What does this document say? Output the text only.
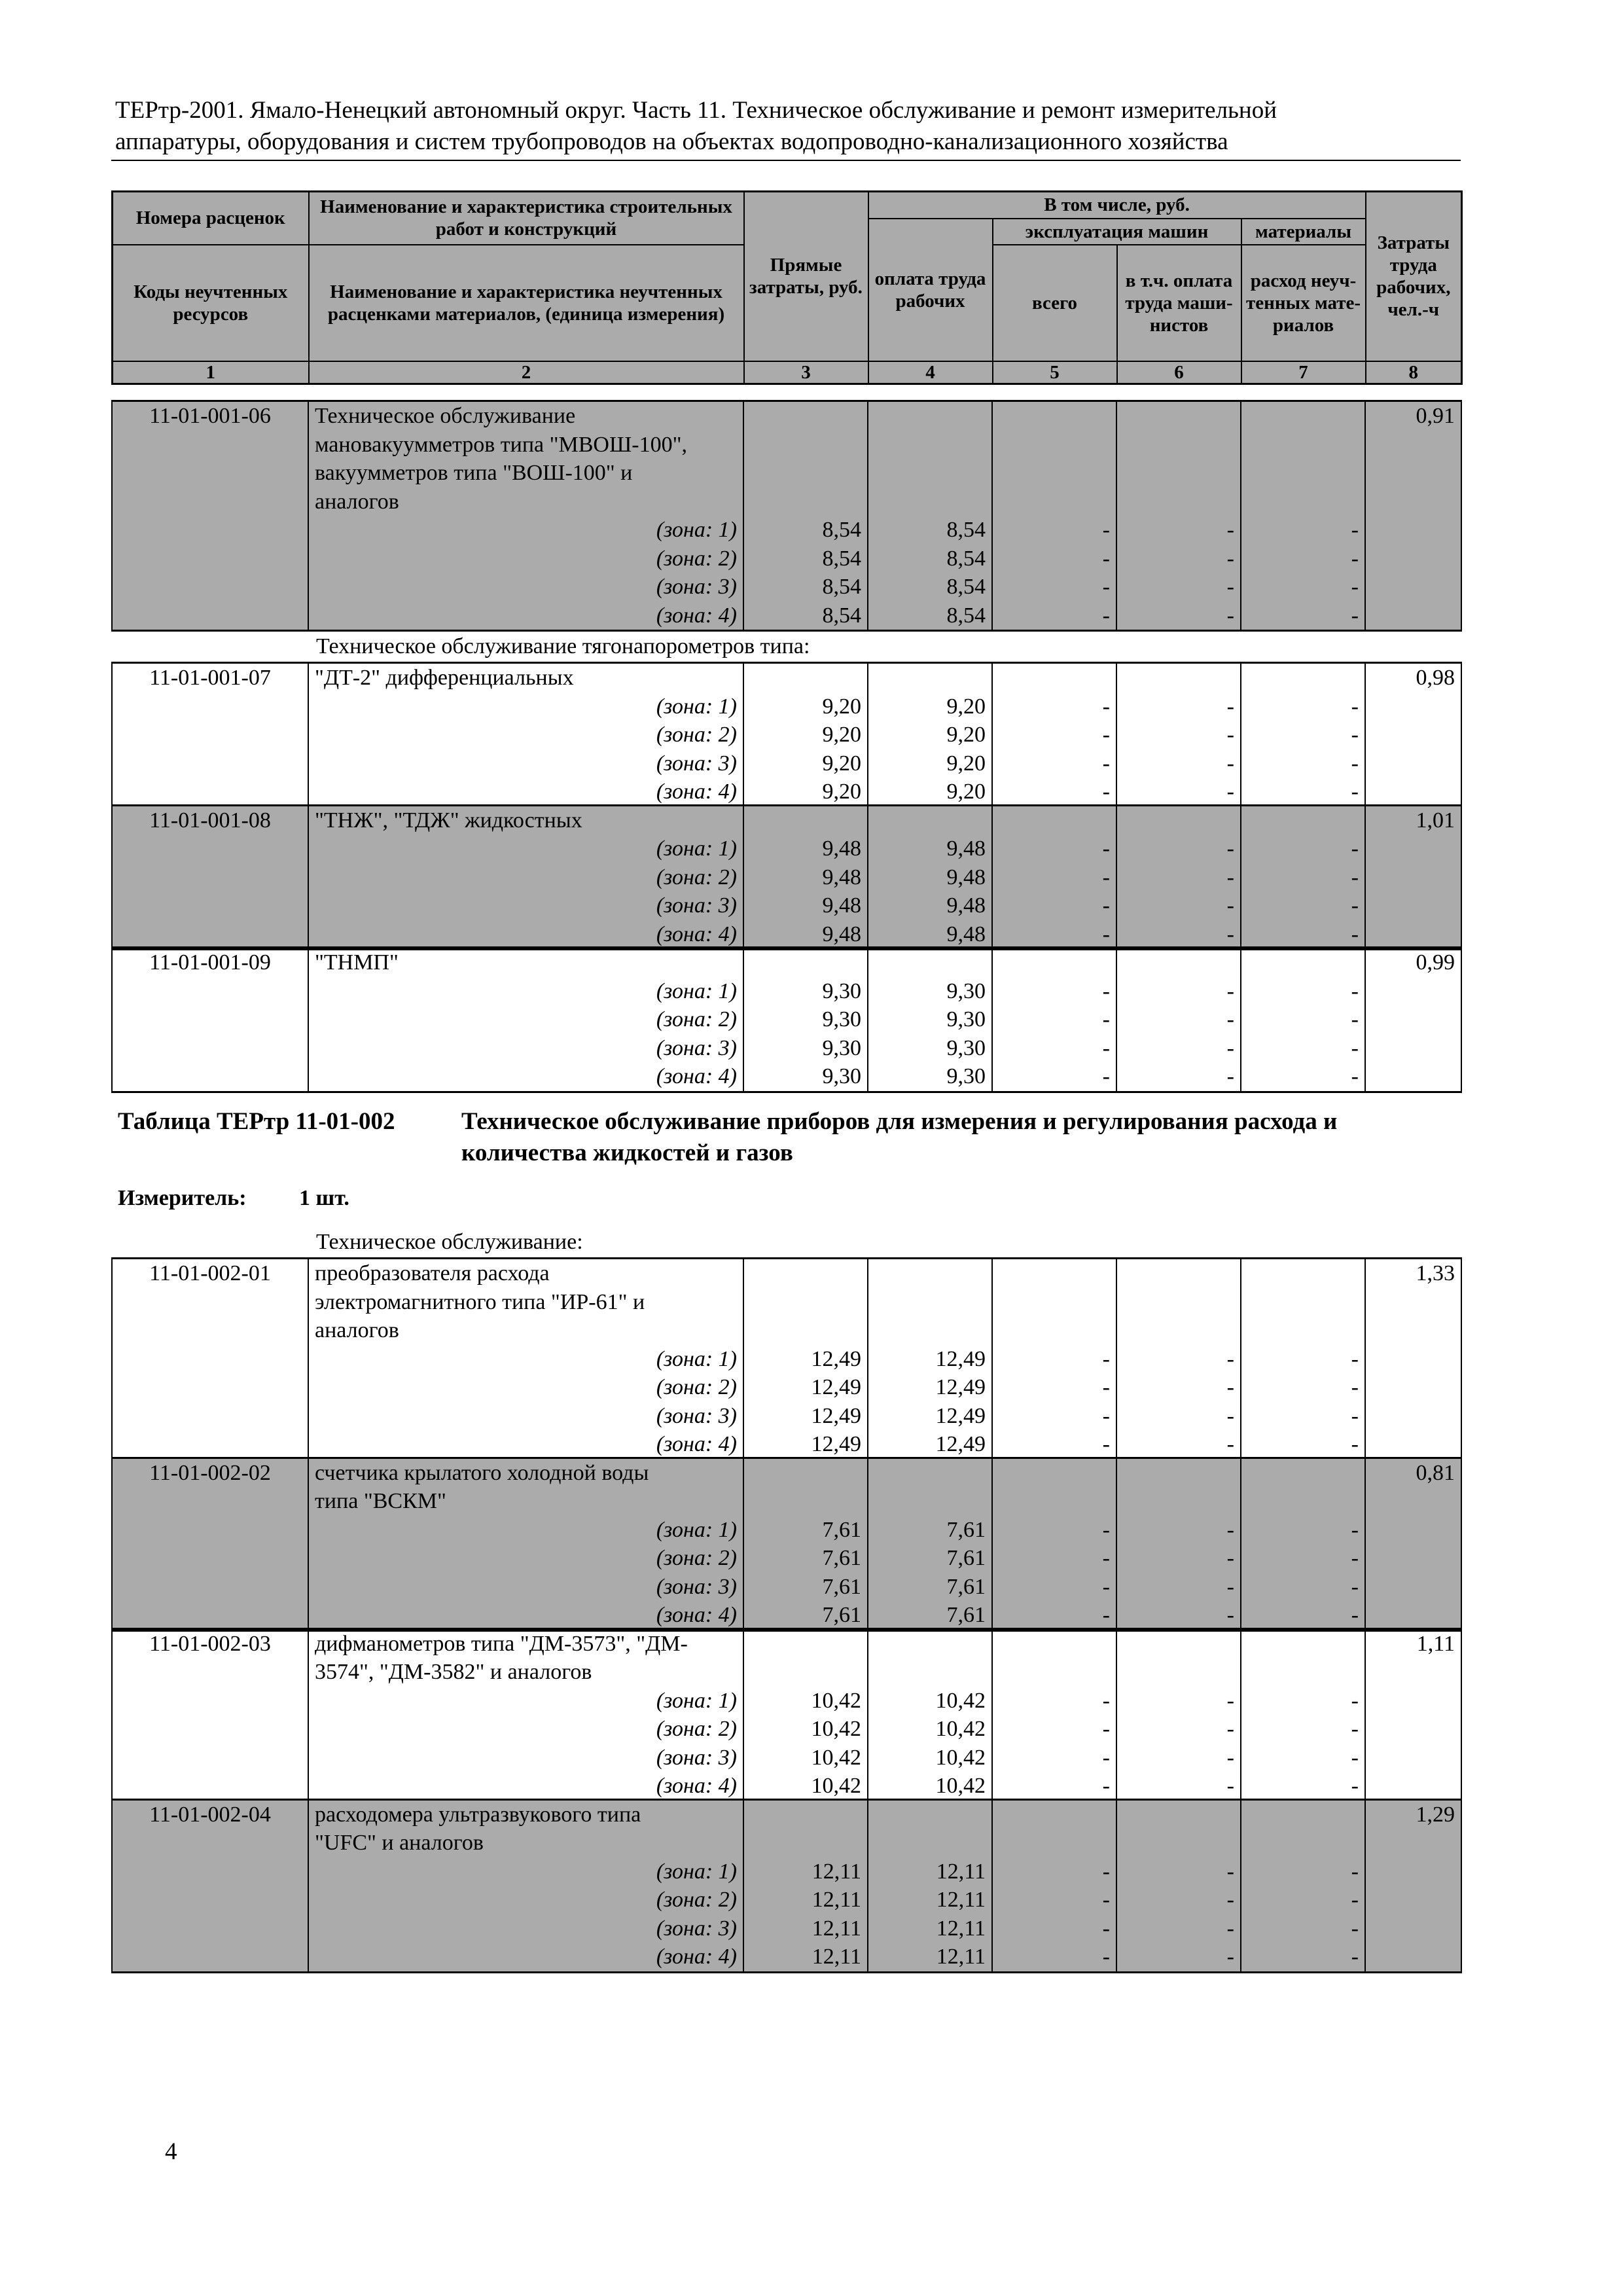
ТЕРтр-2001. Ямало-Ненецкий автономный округ. Часть 11. Техническое обслуживание и ремонт измерительной
аппаратуры, оборудования и систем трубопроводов на объектах водопроводно-канализационного хозяйства
Номера расценок	Наименование и характеристика строительных работ и конструкций	Прямые затраты, руб.	В том числе, руб.				Затраты труда рабочих, чел.-ч
			оплата труда рабочих	эксплуатация машин		материалы	
Коды неучтенных ресурсов	Наименование и характеристика неучтенных расценками материалов, (единица измерения)			всего	в т.ч. оплата труда маши-нистов	расход неуч-тенных мате-риалов	

1	2	3	4	5	6	7	8
11-01-001-06	Техническое обслуживание						0,91
	мановакуумметров типа "МВОШ-100",						
	вакуумметров типа "ВОШ-100" и						
	аналогов						
	(зона: 1)	8,54	8,54	-	-	-	
	(зона: 2)	8,54	8,54	-	-	-	
	(зона: 3)	8,54	8,54	-	-	-	
	(зона: 4)	8,54	8,54	-	-	-	
Техническое обслуживание тягонапорометров типа:
11-01-001-07	"ДТ-2" дифференциальных						0,98
	(зона: 1)	9,20	9,20	-	-	-	
	(зона: 2)	9,20	9,20	-	-	-	
	(зона: 3)	9,20	9,20	-	-	-	
	(зона: 4)	9,20	9,20	-	-	-	
11-01-001-08	"ТНЖ", "ТДЖ" жидкостных						1,01
	(зона: 1)	9,48	9,48	-	-	-	
	(зона: 2)	9,48	9,48	-	-	-	
	(зона: 3)	9,48	9,48	-	-	-	
	(зона: 4)	9,48	9,48	-	-	-	
11-01-001-09	"ТНМП"						0,99
	(зона: 1)	9,30	9,30	-	-	-	
	(зона: 2)	9,30	9,30	-	-	-	
	(зона: 3)	9,30	9,30	-	-	-	
	(зона: 4)	9,30	9,30	-	-	-	
Таблица ТЕРтр 11-01-002	Техническое обслуживание приборов для измерения и регулирования расхода и количества жидкостей и газов
Измеритель: 1 шт.
Техническое обслуживание:
11-01-002-01	преобразователя расхода						1,33
	электромагнитного типа "ИР-61" и						
	аналогов						
	(зона: 1)	12,49	12,49	-	-	-	
	(зона: 2)	12,49	12,49	-	-	-	
	(зона: 3)	12,49	12,49	-	-	-	
	(зона: 4)	12,49	12,49	-	-	-	
11-01-002-02	счетчика крылатого холодной воды						0,81
	типа "ВСКМ"						
	(зона: 1)	7,61	7,61	-	-	-	
	(зона: 2)	7,61	7,61	-	-	-	
	(зона: 3)	7,61	7,61	-	-	-	
	(зона: 4)	7,61	7,61	-	-	-	
11-01-002-03	дифманометров типа "ДМ-3573", "ДМ-						1,11
	3574", "ДМ-3582" и аналогов						
	(зона: 1)	10,42	10,42	-	-	-	
	(зона: 2)	10,42	10,42	-	-	-	
	(зона: 3)	10,42	10,42	-	-	-	
	(зона: 4)	10,42	10,42	-	-	-	
11-01-002-04	расходомера ультразвукового типа						1,29
	"UFC" и аналогов						
	(зона: 1)	12,11	12,11	-	-	-	
	(зона: 2)	12,11	12,11	-	-	-	
	(зона: 3)	12,11	12,11	-	-	-	
	(зона: 4)	12,11	12,11	-	-	-	
4
